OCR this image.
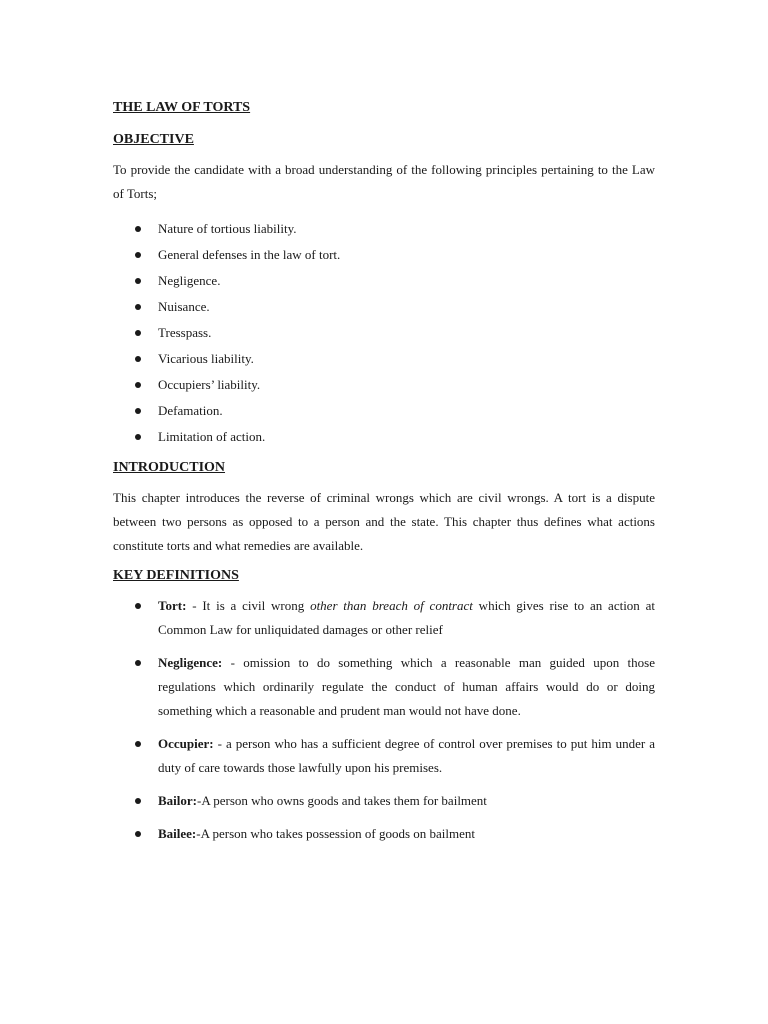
THE LAW OF TORTS
OBJECTIVE

To provide the candidate with a broad understanding of the following principles pertaining to the Law of Torts;

Nature of tortious liability.
General defenses in the law of tort.
Negligence.
Nuisance.
Tresspass.
Vicarious liability.
Occupiers’ liability.
Defamation.
Limitation of action.
INTRODUCTION

This chapter introduces the reverse of criminal wrongs which are civil wrongs. A tort is a dispute between two persons as opposed to a person and the state. This chapter thus defines what actions constitute torts and what remedies are available.

KEY DEFINITIONS
Tort: - It is a civil wrong other than breach of contract which gives rise to an action at Common Law for unliquidated damages or other relief
Negligence: - omission to do something which a reasonable man guided upon those regulations which ordinarily regulate the conduct of human affairs would do or doing something which a reasonable and prudent man would not have done.
Occupier: - a person who has a sufficient degree of control over premises to put him under a duty of care towards those lawfully upon his premises.
Bailor:-A person who owns goods and takes them for bailment
Bailee:-A person who takes possession of goods on bailment
